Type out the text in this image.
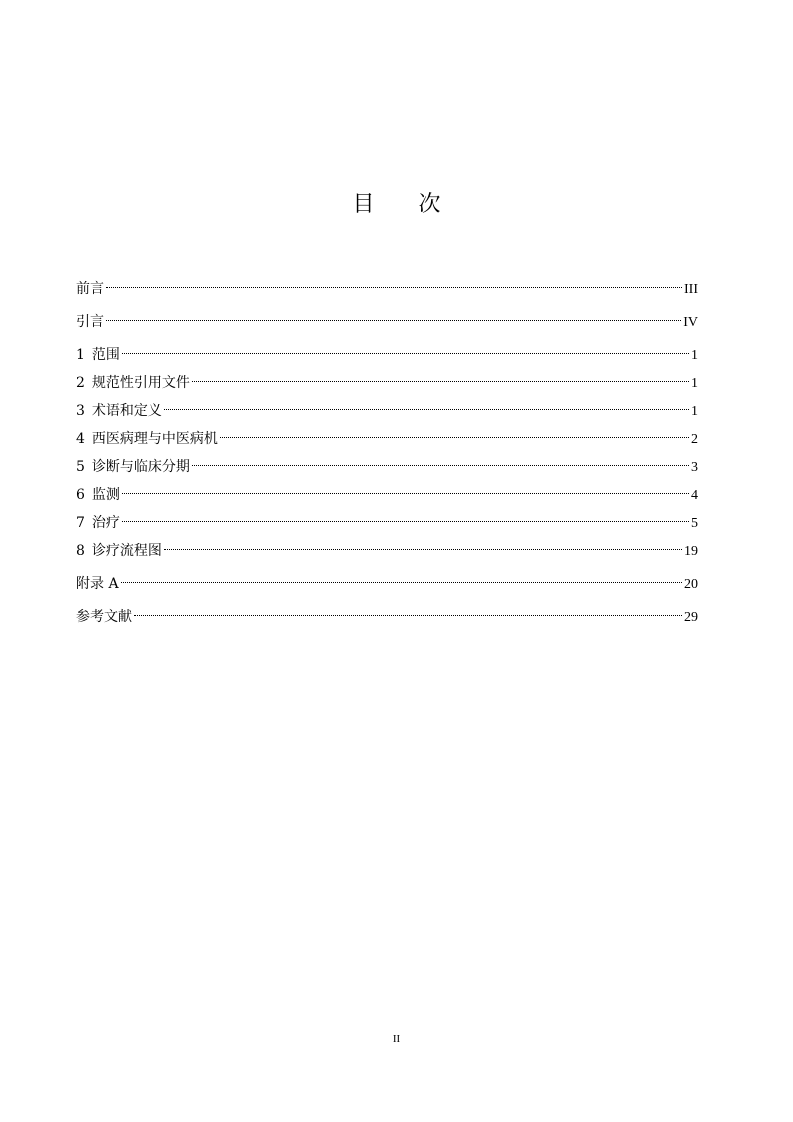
目 次
前言	III
引言	IV
1 范围	1
2 规范性引用文件	1
3 术语和定义	1
4 西医病理与中医病机	2
5 诊断与临床分期	3
6 监测	4
7 治疗	5
8 诊疗流程图	19
附录 A	20
参考文献	29
II
